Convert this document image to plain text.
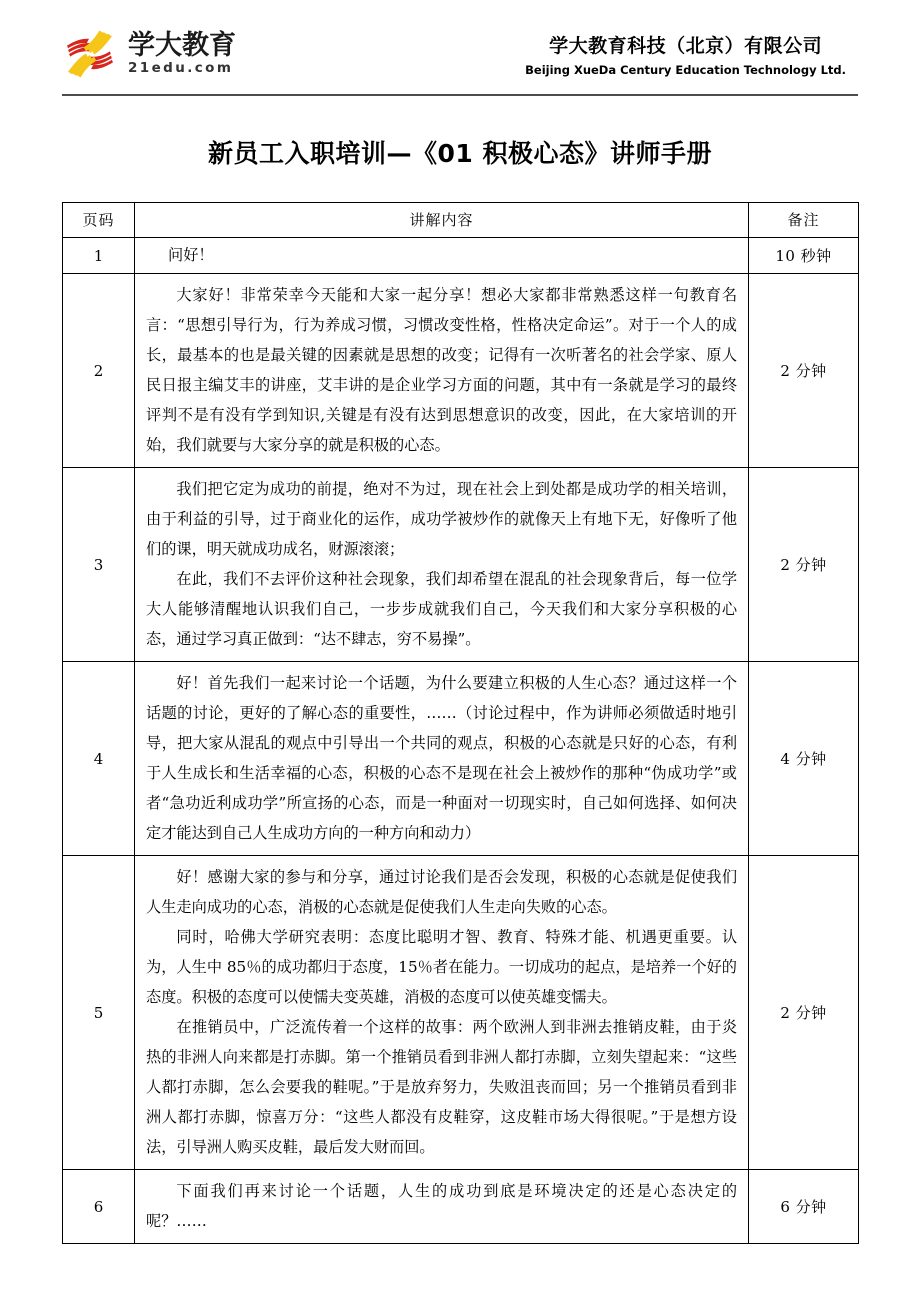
学大教育
21edu.com
学大教育科技（北京）有限公司
Beijing XueDa Century Education Technology Ltd.
新员工入职培训—《01 积极心态》讲师手册
页码	讲解内容	备注
1	问好！	10 秒钟
2	大家好！非常荣幸今天能和大家一起分享！想必大家都非常熟悉这样一句教育名言：“思想引导行为，行为养成习惯，习惯改变性格，性格决定命运”。对于一个人的成长，最基本的也是最关键的因素就是思想的改变；记得有一次听著名的社会学家、原人民日报主编艾丰的讲座，艾丰讲的是企业学习方面的问题，其中有一条就是学习的最终评判不是有没有学到知识,关键是有没有达到思想意识的改变，因此，在大家培训的开始，我们就要与大家分享的就是积极的心态。	2 分钟
3	我们把它定为成功的前提，绝对不为过，现在社会上到处都是成功学的相关培训，由于利益的引导，过于商业化的运作，成功学被炒作的就像天上有地下无，好像听了他们的课，明天就成功成名，财源滚滚；

在此，我们不去评价这种社会现象，我们却希望在混乱的社会现象背后，每一位学大人能够清醒地认识我们自己，一步步成就我们自己，今天我们和大家分享积极的心态，通过学习真正做到：“达不肆志，穷不易操”。	2 分钟
4	好！首先我们一起来讨论一个话题，为什么要建立积极的人生心态？通过这样一个话题的讨论，更好的了解心态的重要性，……（讨论过程中，作为讲师必须做适时地引导，把大家从混乱的观点中引导出一个共同的观点，积极的心态就是只好的心态，有利于人生成长和生活幸福的心态，积极的心态不是现在社会上被炒作的那种“伪成功学”或者“急功近利成功学”所宣扬的心态，而是一种面对一切现实时，自己如何选择、如何决定才能达到自己人生成功方向的一种方向和动力）	4 分钟
5	好！感谢大家的参与和分享，通过讨论我们是否会发现，积极的心态就是促使我们人生走向成功的心态，消极的心态就是促使我们人生走向失败的心态。

同时，哈佛大学研究表明：态度比聪明才智、教育、特殊才能、机遇更重要。认为，人生中 85％的成功都归于态度，15％者在能力。一切成功的起点，是培养一个好的态度。积极的态度可以使懦夫变英雄，消极的态度可以使英雄变懦夫。

在推销员中，广泛流传着一个这样的故事：两个欧洲人到非洲去推销皮鞋，由于炎热的非洲人向来都是打赤脚。第一个推销员看到非洲人都打赤脚，立刻失望起来：“这些人都打赤脚，怎么会要我的鞋呢。”于是放弃努力，失败沮丧而回；另一个推销员看到非洲人都打赤脚，惊喜万分：“这些人都没有皮鞋穿，这皮鞋市场大得很呢。”于是想方设法，引导洲人购买皮鞋，最后发大财而回。	2 分钟
6	下面我们再来讨论一个话题，人生的成功到底是环境决定的还是心态决定的呢？……	6 分钟
